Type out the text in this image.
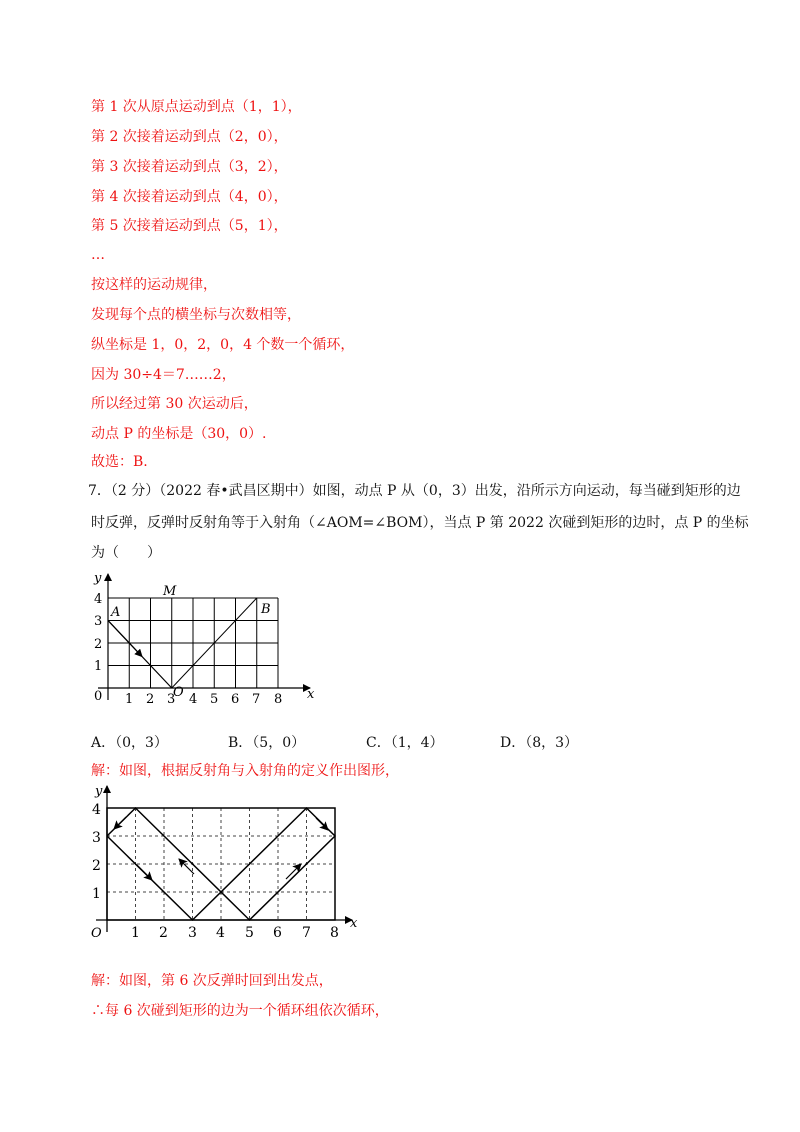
第 1 次从原点运动到点（1，1），
第 2 次接着运动到点（2，0），
第 3 次接着运动到点（3，2），
第 4 次接着运动到点（4，0），
第 5 次接着运动到点（5，1），
…
按这样的运动规律，
发现每个点的横坐标与次数相等，
纵坐标是 1，0，2，0，4 个数一个循环，
因为 30÷4＝7……2，
所以经过第 30 次运动后，
动点 P 的坐标是（30，0）.
故选：B.
7．（2 分）（2022 春•武昌区期中）如图，动点 P 从（0，3）出发，沿所示方向运动，每当碰到矩形的边
时反弹，反弹时反射角等于入射角（∠AOM=∠BOM），当点 P 第 2022 次碰到矩形的边时，点 P 的坐标
为（　　）
4
3
2
1
0 1 2 3 4 5 6 7 8
O	x
y
A	B
M
A．（0，3）	B．（5，0）	C．（1，4）	D．（8，3）
解：如图，根据反射角与入射角的定义作出图形，
4
3
2
1
1 2 3 4 5 6 7 8
O
x
y
解：如图，第 6 次反弹时回到出发点，
∴每 6 次碰到矩形的边为一个循环组依次循环，
